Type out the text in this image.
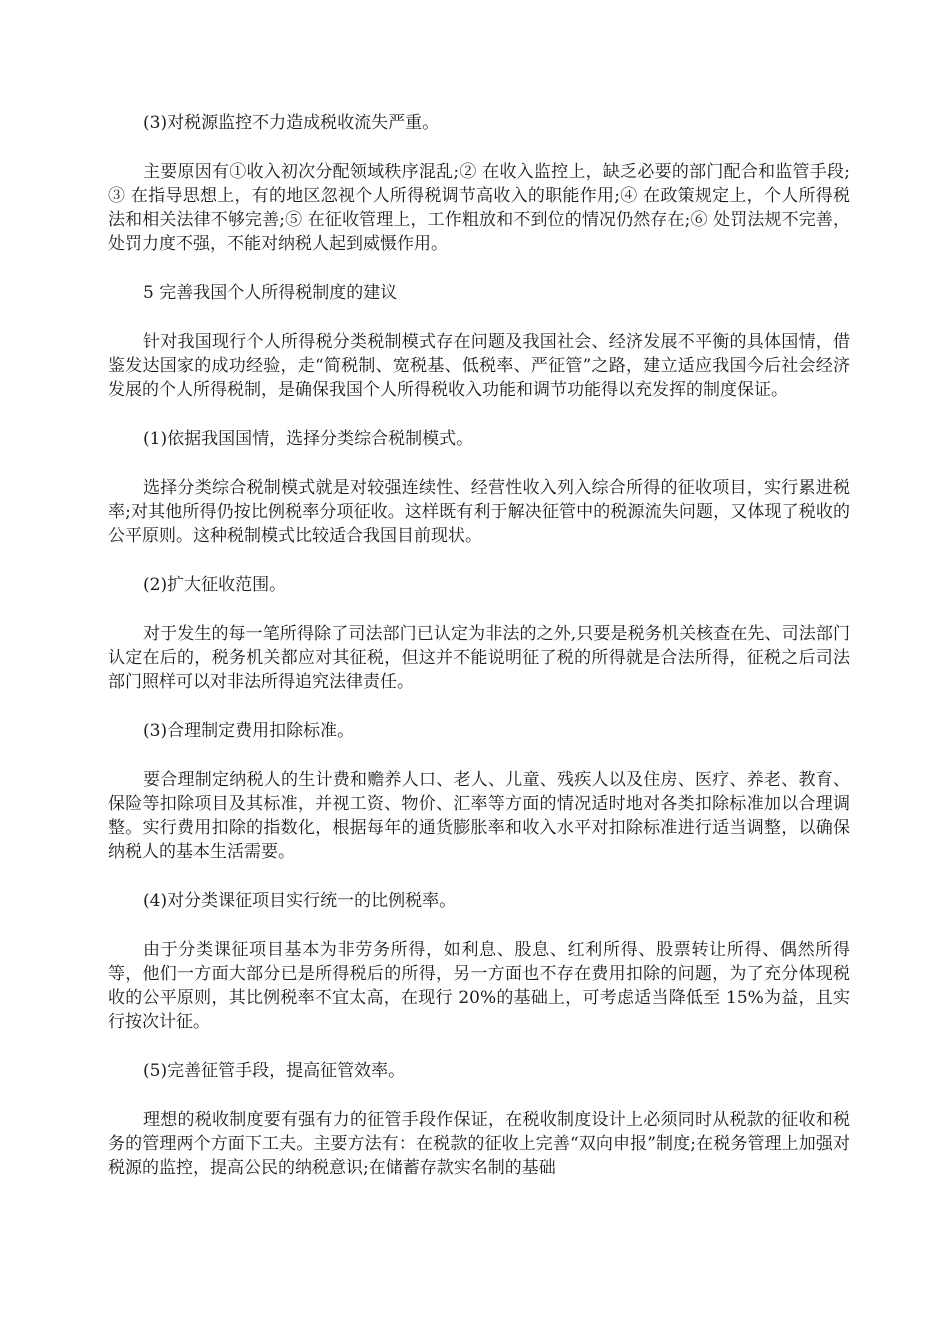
(3)对税源监控不力造成税收流失严重。

主要原因有①收入初次分配领域秩序混乱;② 在收入监控上，缺乏必要的部门配合和监管手段;③ 在指导思想上，有的地区忽视个人所得税调节高收入的职能作用;④ 在政策规定上，个人所得税法和相关法律不够完善;⑤ 在征收管理上，工作粗放和不到位的情况仍然存在;⑥ 处罚法规不完善，处罚力度不强，不能对纳税人起到威慑作用。

5 完善我国个人所得税制度的建议

针对我国现行个人所得税分类税制模式存在问题及我国社会、经济发展不平衡的具体国情，借鉴发达国家的成功经验，走“简税制、宽税基、低税率、严征管”之路，建立适应我国今后社会经济发展的个人所得税制，是确保我国个人所得税收入功能和调节功能得以充发挥的制度保证。

(1)依据我国国情，选择分类综合税制模式。

选择分类综合税制模式就是对较强连续性、经营性收入列入综合所得的征收项目，实行累进税率;对其他所得仍按比例税率分项征收。这样既有利于解决征管中的税源流失问题，又体现了税收的公平原则。这种税制模式比较适合我国目前现状。

(2)扩大征收范围。

对于发生的每一笔所得除了司法部门已认定为非法的之外,只要是税务机关核查在先、司法部门认定在后的，税务机关都应对其征税，但这并不能说明征了税的所得就是合法所得，征税之后司法部门照样可以对非法所得追究法律责任。

(3)合理制定费用扣除标准。

要合理制定纳税人的生计费和赡养人口、老人、儿童、残疾人以及住房、医疗、养老、教育、保险等扣除项目及其标准，并视工资、物价、汇率等方面的情况适时地对各类扣除标准加以合理调整。实行费用扣除的指数化，根据每年的通货膨胀率和收入水平对扣除标准进行适当调整，以确保纳税人的基本生活需要。

(4)对分类课征项目实行统一的比例税率。

由于分类课征项目基本为非劳务所得，如利息、股息、红利所得、股票转让所得、偶然所得等，他们一方面大部分已是所得税后的所得，另一方面也不存在费用扣除的问题，为了充分体现税收的公平原则，其比例税率不宜太高，在现行 20%的基础上，可考虑适当降低至 15%为益，且实行按次计征。

(5)完善征管手段，提高征管效率。

理想的税收制度要有强有力的征管手段作保证，在税收制度设计上必须同时从税款的征收和税务的管理两个方面下工夫。主要方法有：在税款的征收上完善“双向申报”制度;在税务管理上加强对税源的监控，提高公民的纳税意识;在储蓄存款实名制的基础
